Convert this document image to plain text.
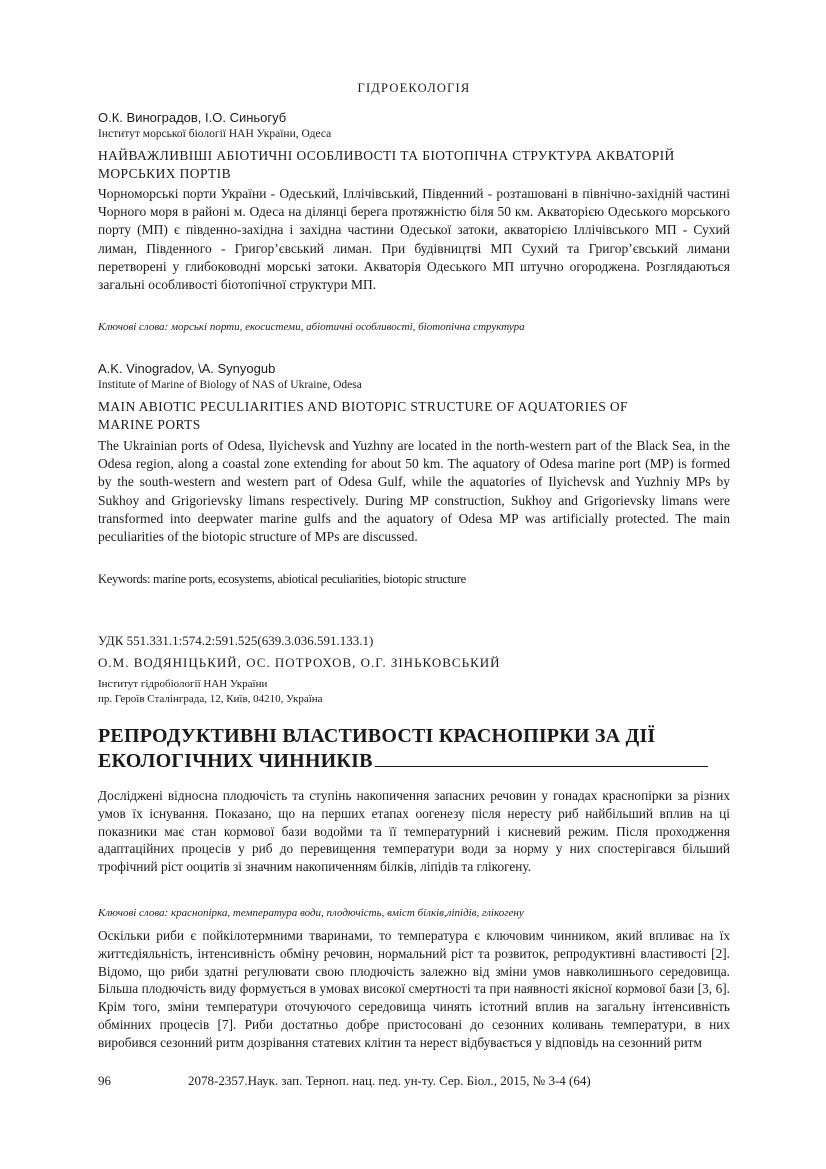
ГІДРОЕКОЛОГІЯ
О.К. Виноградов, І.О. Синьогуб
Інститут морської біології НАН України, Одеса
НАЙВАЖЛИВІШІ АБІОТИЧНІ ОСОБЛИВОСТІ ТА БІОТОПІЧНА СТРУКТУРА АКВАТОРІЙ
МОРСЬКИХ ПОРТІВ
Чорноморські порти України - Одеський, Іллічівський, Південний - розташовані в північно-західній частині Чорного моря в районі м. Одеса на ділянці берега протяжністю біля 50 км. Акваторією Одеського морського порту (МП) є південно-західна і західна частини Одеської затоки, акваторією Іллічівського МП - Сухий лиман, Південного - Григор’євський лиман. При будівництві МП Сухий та Григор’євський лимани перетворені у глибоководні морські затоки. Акваторія Одеського МП штучно огороджена. Розглядаються загальні особливості біотопічної структури МП.
Ключові слова: морські порти, екосистеми, абіотичні особливості, біотопічна структура
A.K. Vinogradov, \A. Synyogub
Institute of Marine of Biology of NAS of Ukraine, Odesa
MAIN ABIOTIC PECULIARITIES AND BIOTOPIC STRUCTURE OF AQUATORIES OF
MARINE PORTS
The Ukrainian ports of Odesa, Ilyichevsk and Yuzhny are located in the north-western part of the Black Sea, in the Odesa region, along a coastal zone extending for about 50 km. The aquatory of Odesa marine port (MP) is formed by the south-western and western part of Odesa Gulf, while the aquatories of Ilyichevsk and Yuzhniy MPs by Sukhoy and Grigorievsky limans respectively. During MP construction, Sukhoy and Grigorievsky limans were transformed into deepwater marine gulfs and the aquatory of Odesa MP was artificially protected. The main peculiarities of the biotopic structure of MPs are discussed.
Keywords: marine ports, ecosystems, abiotical peculiarities, biotopic structure
УДК 551.331.1:574.2:591.525(639.3.036.591.133.1)
О.М. ВОДЯНІЦЬКИЙ, ОС. ПОТРОХОВ, О.Г. ЗІНЬКОВСЬКИЙ
Інститут гідробіології НАН України
пр. Героїв Сталінграда, 12, Київ, 04210, Україна
РЕПРОДУКТИВНІ ВЛАСТИВОСТІ КРАСНОПІРКИ ЗА ДІЇ
ЕКОЛОГІЧНИХ ЧИННИКІВ
Досліджені відносна плодючість та ступінь накопичення запасних речовин у гонадах краснопірки за різних умов їх існування. Показано, що на перших етапах оогенезу після нересту риб найбільший вплив на ці показники має стан кормової бази водойми та її температурний і кисневий режим. Після проходження адаптаційних процесів у риб до перевищення температури води за норму у них спостерігався більший трофічний ріст ооцитів зі значним накопиченням білків, ліпідів та глікогену.
Ключові слова: краснопірка, температура води, плодючість, вміст білків,ліпідів, глікогену
Оскільки риби є пойкілотермними тваринами, то температура є ключовим чинником, який впливає на їх життєдіяльність, інтенсивність обміну речовин, нормальний ріст та розвиток, репродуктивні властивості [2]. Відомо, що риби здатні регулювати свою плодючість залежно від зміни умов навколишнього середовища. Більша плодючість виду формується в умовах високої смертності та при наявності якісної кормової бази [3, 6]. Крім того, зміни температури оточуючого середовища чинять істотний вплив на загальну інтенсивність обмінних процесів [7]. Риби достатньо добре пристосовані до сезонних коливань температури, в них виробився сезонний ритм дозрівання статевих клітин та нерест відбувається у відповідь на сезонний ритм
96	2078-2357.Наук. зап. Терноп. нац. пед. ун-ту. Сер. Біол., 2015, № 3-4 (64)
